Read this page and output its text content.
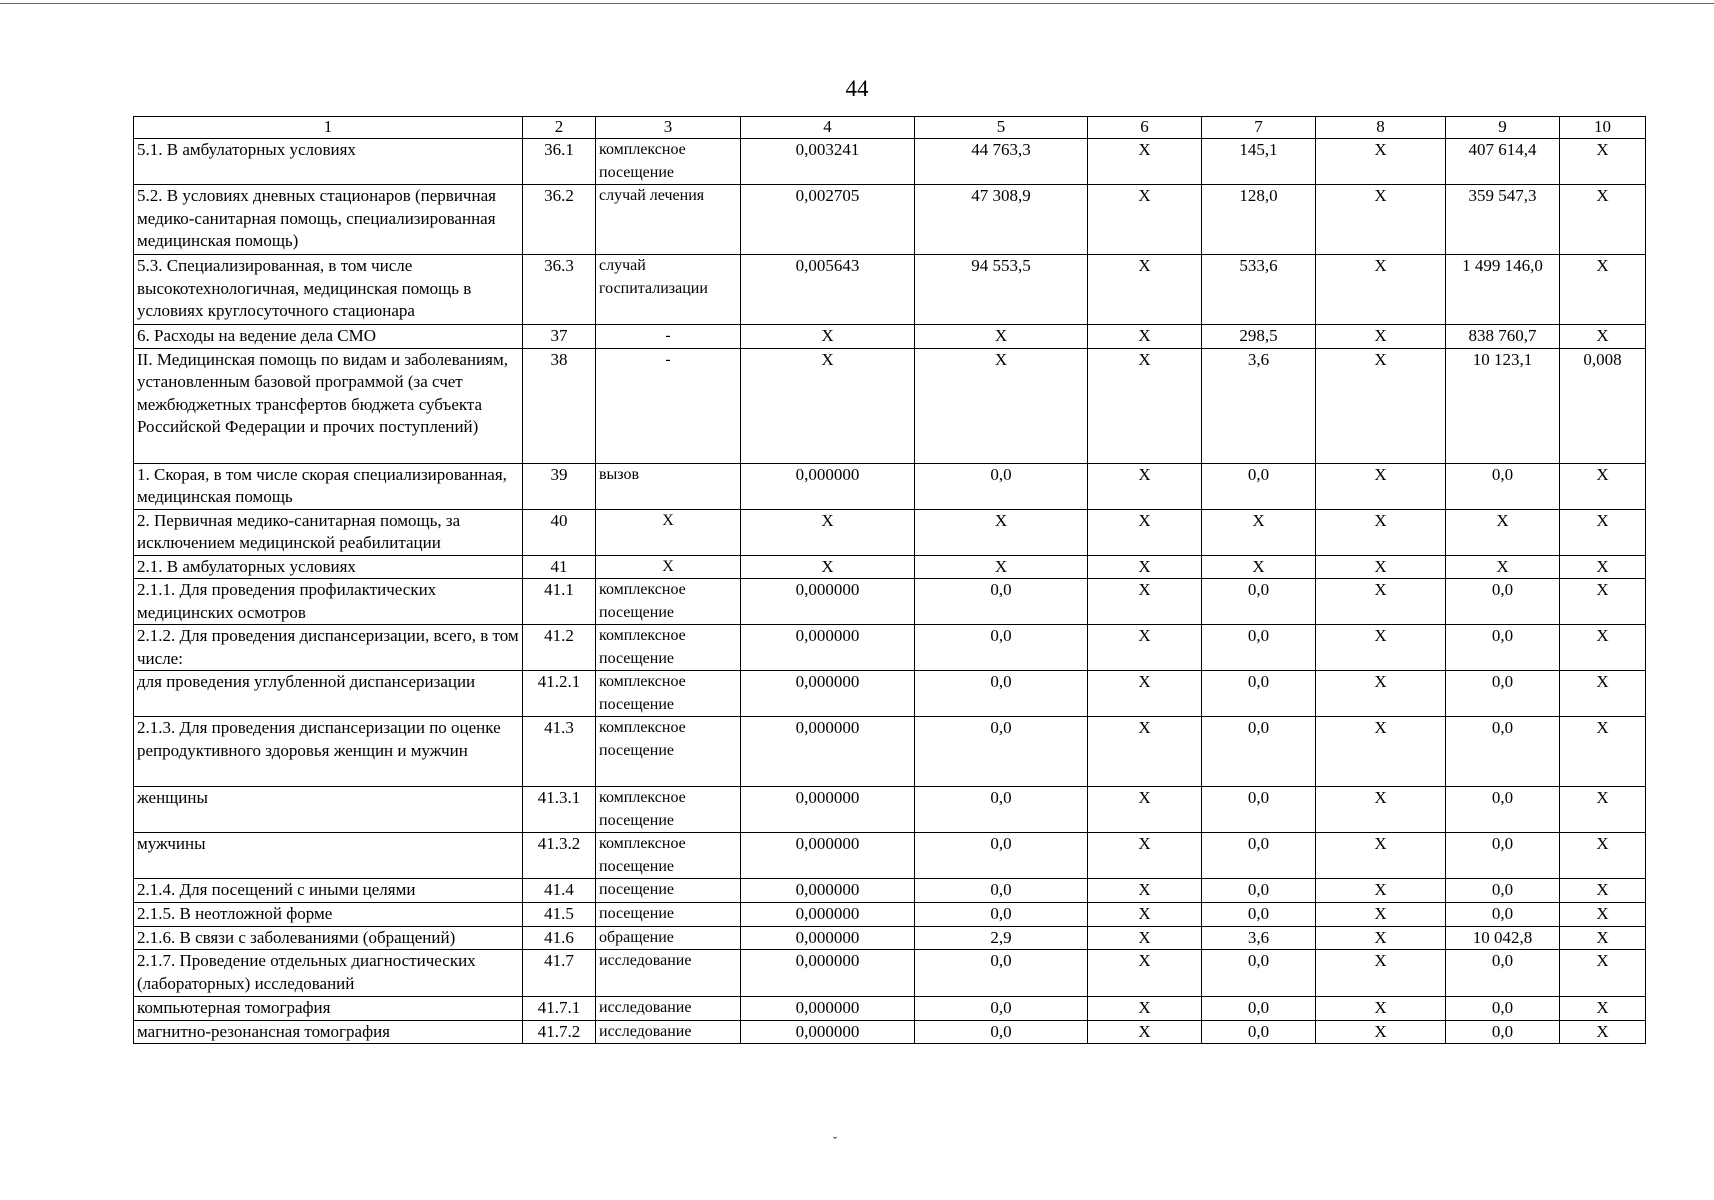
44
1	2	3	4	5	6	7	8	9	10
5.1. В амбулаторных условиях	36.1	комплексное посещение	0,003241	44 763,3	X	145,1	X	407 614,4	X
5.2. В условиях дневных стационаров (первичная медико-санитарная помощь, специализированная медицинская помощь)	36.2	случай лечения	0,002705	47 308,9	X	128,0	X	359 547,3	X
5.3. Специализированная, в том числе высокотехнологичная, медицинская помощь в условиях круглосуточного стационара	36.3	случай госпитализации	0,005643	94 553,5	X	533,6	X	1 499 146,0	X
6. Расходы на ведение дела СМО	37	-	X	X	X	298,5	X	838 760,7	X
II. Медицинская помощь по видам и заболеваниям, установленным базовой программой (за счет межбюджетных трансфертов бюджета субъекта Российской Федерации и прочих поступлений)	38	-	X	X	X	3,6	X	10 123,1	0,008
1. Скорая, в том числе скорая специализированная, медицинская помощь	39	вызов	0,000000	0,0	X	0,0	X	0,0	X
2. Первичная медико-санитарная помощь, за исключением медицинской реабилитации	40	X	X	X	X	X	X	X	X
2.1. В амбулаторных условиях	41	X	X	X	X	X	X	X	X
2.1.1. Для проведения профилактических медицинских осмотров	41.1	комплексное посещение	0,000000	0,0	X	0,0	X	0,0	X
2.1.2. Для проведения диспансеризации, всего, в том числе:	41.2	комплексное посещение	0,000000	0,0	X	0,0	X	0,0	X
для проведения углубленной диспансеризации	41.2.1	комплексное посещение	0,000000	0,0	X	0,0	X	0,0	X
2.1.3. Для проведения диспансеризации по оценке репродуктивного здоровья женщин и мужчин	41.3	комплексное посещение	0,000000	0,0	X	0,0	X	0,0	X
женщины	41.3.1	комплексное посещение	0,000000	0,0	X	0,0	X	0,0	X
мужчины	41.3.2	комплексное посещение	0,000000	0,0	X	0,0	X	0,0	X
2.1.4. Для посещений с иными целями	41.4	посещение	0,000000	0,0	X	0,0	X	0,0	X
2.1.5. В неотложной форме	41.5	посещение	0,000000	0,0	X	0,0	X	0,0	X
2.1.6. В связи с заболеваниями (обращений)	41.6	обращение	0,000000	2,9	X	3,6	X	10 042,8	X
2.1.7. Проведение отдельных диагностических (лабораторных) исследований	41.7	исследование	0,000000	0,0	X	0,0	X	0,0	X
компьютерная томография	41.7.1	исследование	0,000000	0,0	X	0,0	X	0,0	X
магнитно-резонансная томография	41.7.2	исследование	0,000000	0,0	X	0,0	X	0,0	X
ˇ
